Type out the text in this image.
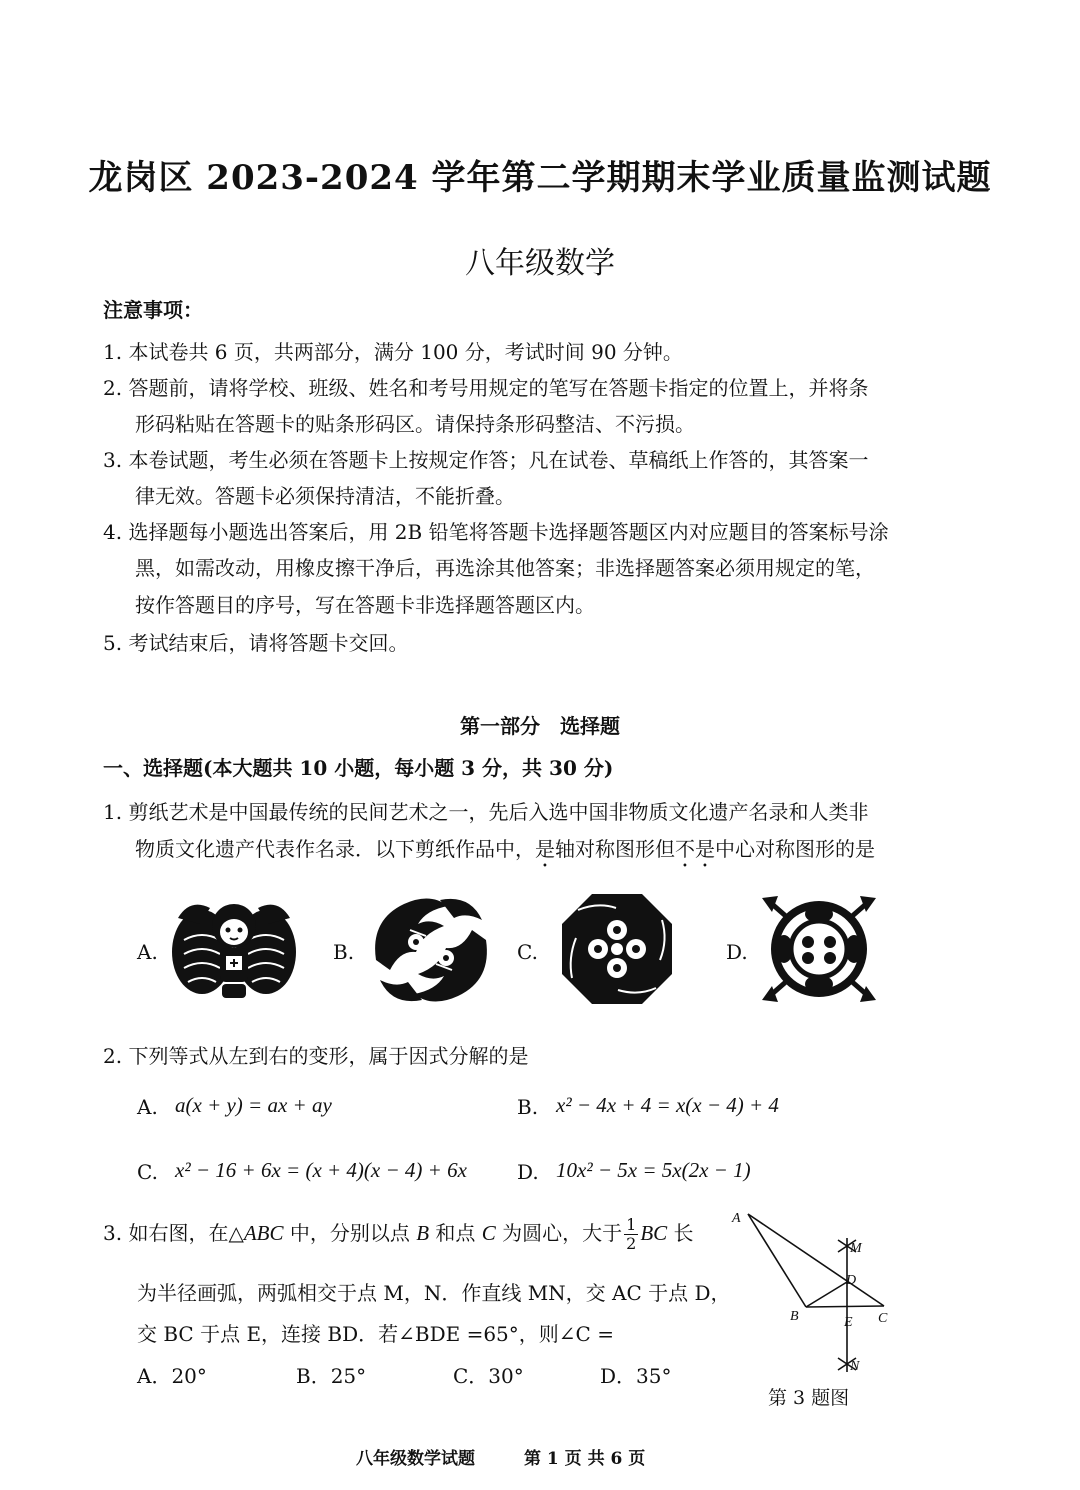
龙岗区 2023-2024 学年第二学期期末学业质量监测试题
八年级数学
注意事项：
1. 本试卷共 6 页，共两部分，满分 100 分，考试时间 90 分钟。
2. 答题前，请将学校、班级、姓名和考号用规定的笔写在答题卡指定的位置上，并将条
形码粘贴在答题卡的贴条形码区。请保持条形码整洁、不污损。
3. 本卷试题，考生必须在答题卡上按规定作答；凡在试卷、草稿纸上作答的，其答案一
律无效。答题卡必须保持清洁，不能折叠。
4. 选择题每小题选出答案后，用 2B 铅笔将答题卡选择题答题区内对应题目的答案标号涂
黑，如需改动，用橡皮擦干净后，再选涂其他答案；非选择题答案必须用规定的笔，
按作答题目的序号，写在答题卡非选择题答题区内。
5. 考试结束后，请将答题卡交回。
第一部分　选择题
一、选择题(本大题共 10 小题，每小题 3 分，共 30 分)
1. 剪纸艺术是中国最传统的民间艺术之一，先后入选中国非物质文化遗产名录和人类非
物质文化遗产代表作名录．以下剪纸作品中，是轴对称图形但不是中心对称图形的是
A.	B.	C.	D.
2. 下列等式从左到右的变形，属于因式分解的是
A. a(x + y) = ax + ay	B. x² − 4x + 4 = x(x − 4) + 4
C. x² − 16 + 6x = (x + 4)(x − 4) + 6x	D. 10x² − 5x = 5x(2x − 1)
3. 如右图，在△ABC 中，分别以点 B 和点 C 为圆心，大于 $\frac{1}{2}$ BC 长
为半径画弧，两弧相交于点 M，N．作直线 MN，交 AC 于点 D，
交 BC 于点 E，连接 BD．若∠BDE =65°，则∠C =
A．20°	B．25°	C．30°	D．35°
A
B	C
D
E
M
N
第 3 题图
八年级数学试题	第 1 页 共 6 页
